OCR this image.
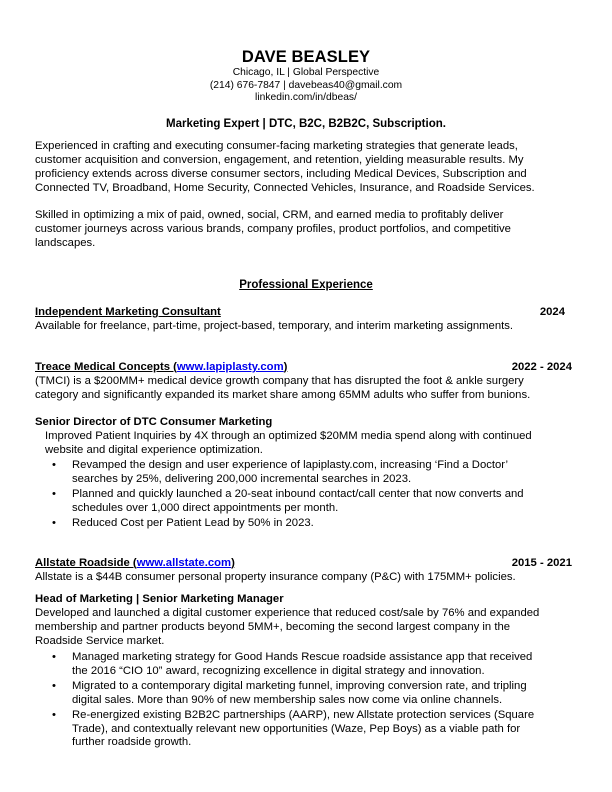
DAVE BEASLEY
Chicago, IL | Global Perspective
(214) 676-7847 | davebeas40@gmail.com
linkedin.com/in/dbeas/
Marketing Expert | DTC, B2C, B2B2C, Subscription.
Experienced in crafting and executing consumer-facing marketing strategies that generate leads,
customer acquisition and conversion, engagement, and retention, yielding measurable results. My
proficiency extends across diverse consumer sectors, including Medical Devices, Subscription and
Connected TV, Broadband, Home Security, Connected Vehicles, Insurance, and Roadside Services.
Skilled in optimizing a mix of paid, owned, social, CRM, and earned media to profitably deliver
customer journeys across various brands, company profiles, product portfolios, and competitive
landscapes.
Professional Experience
Independent Marketing Consultant	2024
Available for freelance, part-time, project-based, temporary, and interim marketing assignments.
Treace Medical Concepts (www.lapiplasty.com)	2022 - 2024
(TMCI) is a $200MM+ medical device growth company that has disrupted the foot & ankle surgery
category and significantly expanded its market share among 65MM adults who suffer from bunions.
Senior Director of DTC Consumer Marketing
Improved Patient Inquiries by 4X through an optimized $20MM media spend along with continued
website and digital experience optimization.
• Revamped the design and user experience of lapiplasty.com, increasing ‘Find a Doctor’
searches by 25%, delivering 200,000 incremental searches in 2023.
• Planned and quickly launched a 20-seat inbound contact/call center that now converts and
schedules over 1,000 direct appointments per month.
• Reduced Cost per Patient Lead by 50% in 2023.
Allstate Roadside (www.allstate.com)	2015 - 2021
Allstate is a $44B consumer personal property insurance company (P&C) with 175MM+ policies.
Head of Marketing | Senior Marketing Manager
Developed and launched a digital customer experience that reduced cost/sale by 76% and expanded
membership and partner products beyond 5MM+, becoming the second largest company in the
Roadside Service market.
• Managed marketing strategy for Good Hands Rescue roadside assistance app that received
the 2016 “CIO 10” award, recognizing excellence in digital strategy and innovation.
• Migrated to a contemporary digital marketing funnel, improving conversion rate, and tripling
digital sales. More than 90% of new membership sales now come via online channels.
• Re-energized existing B2B2C partnerships (AARP), new Allstate protection services (Square
Trade), and contextually relevant new opportunities (Waze, Pep Boys) as a viable path for
further roadside growth.
